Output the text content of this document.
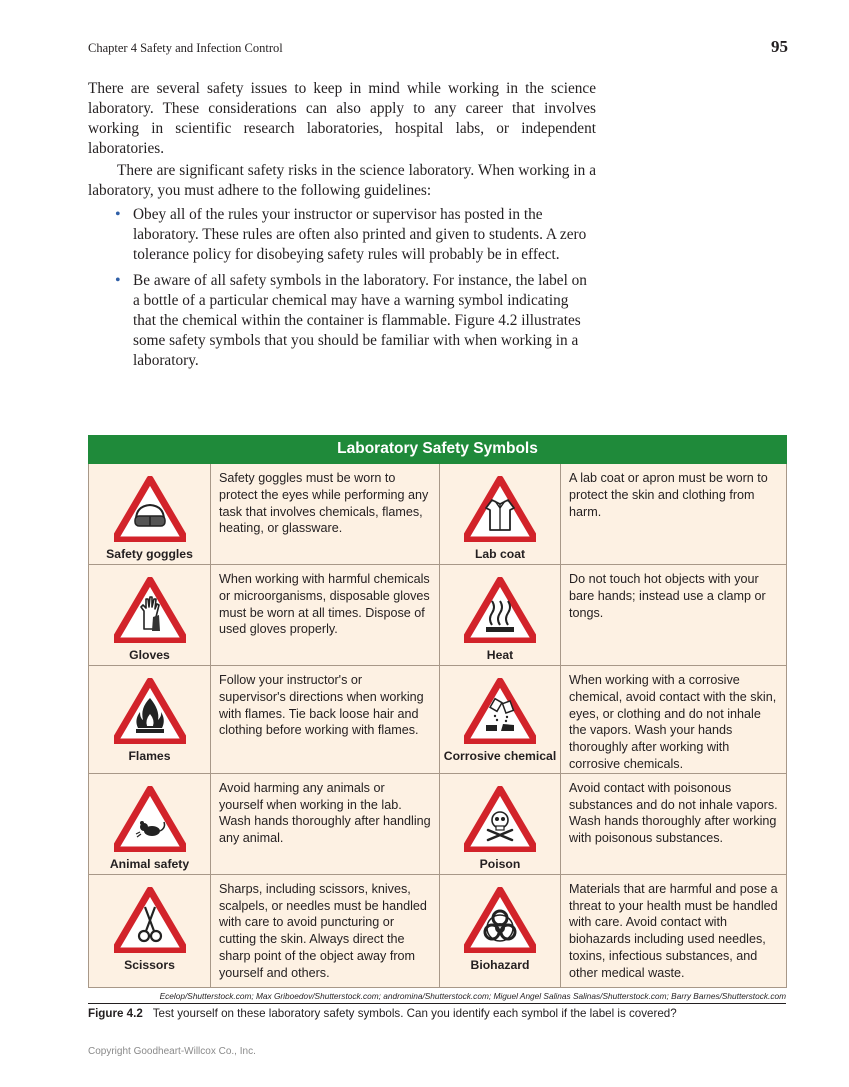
Chapter 4 Safety and Infection Control	95

There are several safety issues to keep in mind while working in the science laboratory. These considerations can also apply to any career that involves working in scientific research laboratories, hospital labs, or independent laboratories.

There are significant safety risks in the science laboratory. When working in a laboratory, you must adhere to the following guidelines:

• Obey all of the rules your instructor or supervisor has posted in the laboratory. These rules are often also printed and given to students. A zero tolerance policy for disobeying safety rules will probably be in effect.
• Be aware of all safety symbols in the laboratory. For instance, the label on a bottle of a particular chemical may have a warning symbol indicating that the chemical within the container is flammable. Figure 4.2 illustrates some safety symbols that you should be familiar with when working in a laboratory.
Laboratory Safety Symbols			

Safety goggles	Safety goggles must be worn to protect the eyes while performing any task that involves chemicals, flames, heating, or glassware.	Lab coat	A lab coat or apron must be worn to protect the skin and clothing from harm.

Gloves	When working with harmful chemicals or microorganisms, disposable gloves must be worn at all times. Dispose of used gloves properly.	Heat	Do not touch hot objects with your bare hands; instead use a clamp or tongs.

Flames	Follow your instructor's or supervisor's directions when working with flames. Tie back loose hair and clothing before working with flames.	Corrosive chemical	When working with a corrosive chemical, avoid contact with the skin, eyes, or clothing and do not inhale the vapors. Wash your hands thoroughly after working with corrosive chemicals.

Animal safety	Avoid harming any animals or yourself when working in the lab. Wash hands thoroughly after handling any animal.	Poison	Avoid contact with poisonous substances and do not inhale vapors. Wash hands thoroughly after working with poisonous substances.

Scissors	Sharps, including scissors, knives, scalpels, or needles must be handled with care to avoid puncturing or cutting the skin. Always direct the sharp point of the object away from yourself and others.	Biohazard	Materials that are harmful and pose a threat to your health must be handled with care. Avoid contact with biohazards including used needles, toxins, infectious substances, and other medical waste.
Ecelop/Shutterstock.com; Max Griboedov/Shutterstock.com; andromina/Shutterstock.com; Miguel Angel Salinas Salinas/Shutterstock.com; Barry Barnes/Shutterstock.com
Figure 4.2 Test yourself on these laboratory safety symbols. Can you identify each symbol if the label is covered?
Copyright Goodheart-Willcox Co., Inc.
